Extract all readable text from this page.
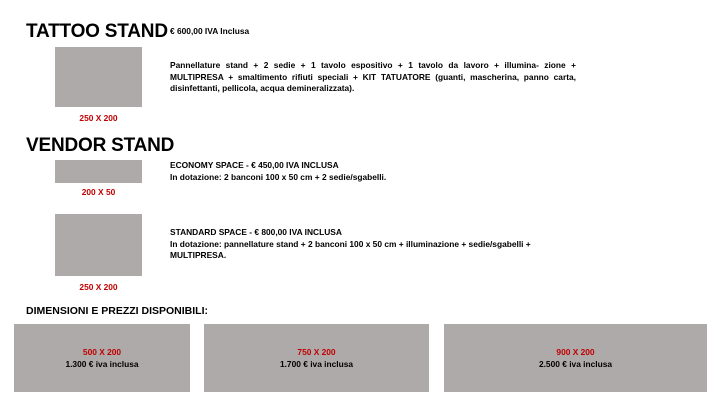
TATTOO STAND € 600,00 IVA Inclusa
250 X 200
Pannellature stand + 2 sedie + 1 tavolo espositivo + 1 tavolo da lavoro + illumina- zione + MULTIPRESA + smaltimento rifiuti speciali + KIT TATUATORE (guanti, mascherina, panno carta, disinfettanti, pellicola, acqua demineralizzata).
VENDOR STAND
200 X 50
ECONOMY SPACE - € 450,00 IVA INCLUSA
In dotazione: 2 banconi 100 x 50 cm + 2 sedie/sgabelli.
250 X 200
STANDARD SPACE - € 800,00 IVA INCLUSA
In dotazione: pannellature stand + 2 banconi 100 x 50 cm + illuminazione + sedie/sgabelli + MULTIPRESA.
DIMENSIONI E PREZZI DISPONIBILI:
500 X 200
1.300 € iva inclusa
750 X 200
1.700 € iva inclusa
900 X 200
2.500 € iva inclusa
